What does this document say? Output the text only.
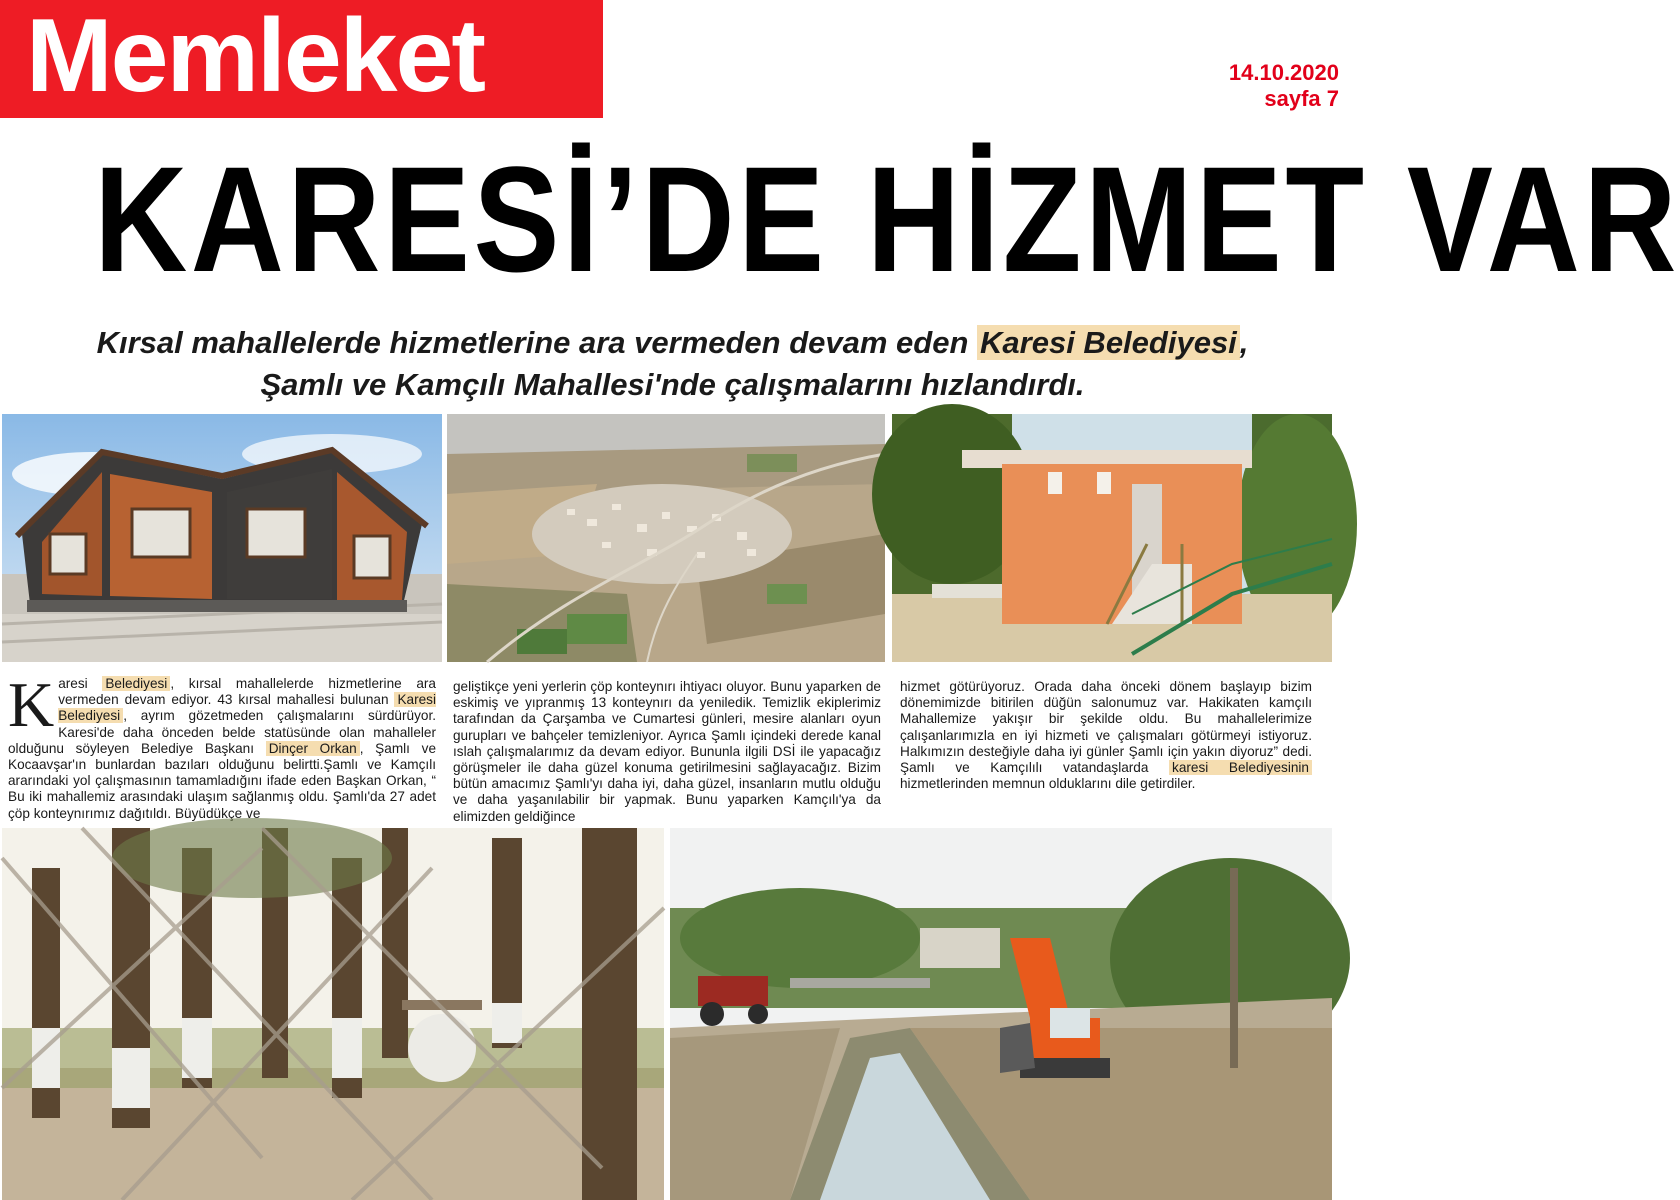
Memleket	14.10.2020
sayfa 7
KARESİ’DE HİZMET VAR
Kırsal mahallelerde hizmetlerine ara vermeden devam eden Karesi Belediyesi, Şamlı ve Kamçılı Mahallesi'nde çalışmalarını hızlandırdı.
Karesi Belediyesi , kırsal mahallelerde hizmetlerine ara vermeden devam ediyor. 43 kırsal mahallesi bulunan Karesi Belediyesi , ayrım gözetmeden çalışmalarını sürdürüyor. Karesi'de daha önceden belde statüsünde olan mahalleler olduğunu söyleyen Belediye Başkanı Dinçer Orkan , Şamlı ve Kocaavşar'ın bunlardan bazıları olduğunu belirtti.Şamlı ve Kamçılı ararındaki yol çalışmasının tamamladığını ifade eden Başkan Orkan, “ Bu iki mahallemiz arasındaki ulaşım sağlanmış oldu. Şamlı'da 27 adet çöp konteynırımız dağıtıldı. Büyüdükçe ve
geliştikçe yeni yerlerin çöp konteynırı ihtiyacı oluyor. Bunu yaparken de eskimiş ve yıpranmış 13 konteynırı da yeniledik. Temizlik ekiplerimiz tarafından da Çarşamba ve Cumartesi günleri, mesire alanları oyun gurupları ve bahçeler temizleniyor. Ayrıca Şamlı içindeki derede kanal ıslah çalışmalarımız da devam ediyor. Bununla ilgili DSİ ile yapacağız görüşmeler ile daha güzel konuma getirilmesini sağlayacağız. Bizim bütün amacımız Şamlı'yı daha iyi, daha güzel, insanların mutlu olduğu ve daha yaşanılabilir bir yapmak. Bunu yaparken Kamçılı'ya da elimizden geldiğince
hizmet götürüyoruz. Orada daha önceki dönem başlayıp bizim dönemimizde bitirilen düğün salonumuz var. Hakikaten kamçılı Mahallemize yakışır bir şekilde oldu. Bu mahallelerimize çalışanlarımızla en iyi hizmeti ve çalışmaları götürmeyi istiyoruz. Halkımızın desteğiyle daha iyi günler Şamlı için yakın diyoruz” dedi. Şamlı ve Kamçılılı vatandaşlarda karesi Belediyesinin hizmetlerinden memnun olduklarını dile getirdiler.
